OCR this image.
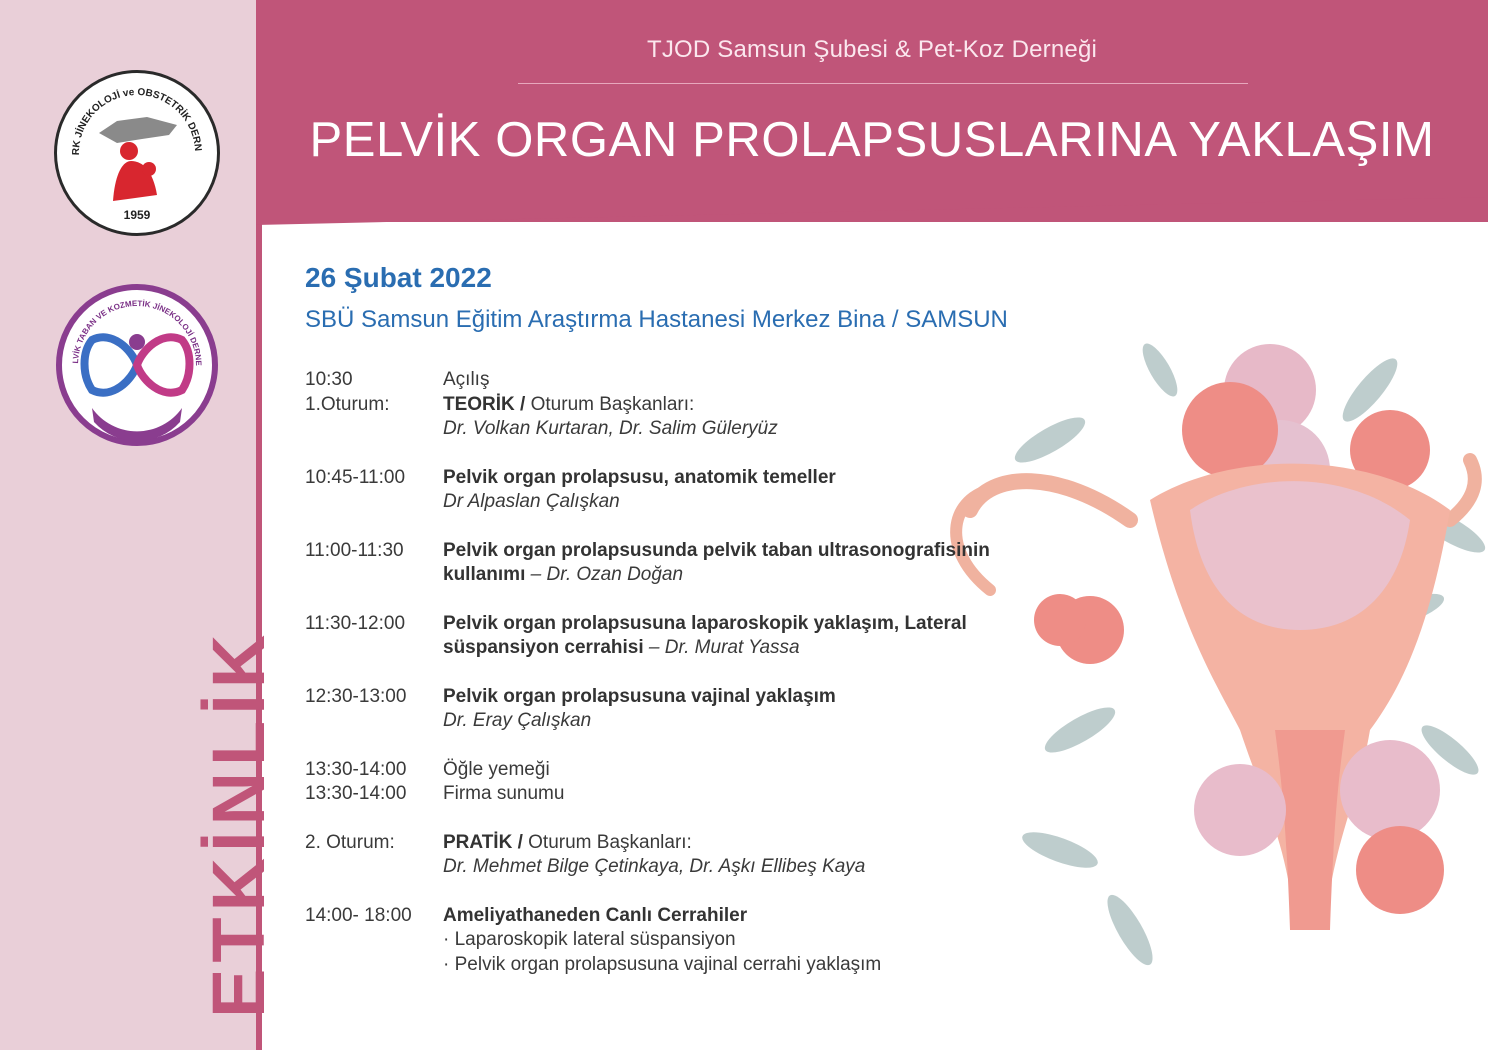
TJOD Samsun Şubesi & Pet-Koz Derneği
PELVİK ORGAN PROLAPSUSLARINA YAKLAŞIM
RK JİNEKOLOJİ ve OBSTETRİK DERN
1959
LVİK TABAN VE KOZMETİK JİNEKOLOJİ DERNE
2021
ETKİNLİK
26 Şubat 2022
SBÜ Samsun Eğitim Araştırma Hastanesi Merkez Bina / SAMSUN
10:30	Açılış
1.Oturum:	TEORİK / Oturum Başkanları:
Dr. Volkan Kurtaran, Dr. Salim Güleryüz
10:45-11:00	Pelvik organ prolapsusu, anatomik temeller
Dr Alpaslan Çalışkan
11:00-11:30	Pelvik organ prolapsusunda pelvik taban ultrasonografisinin
kullanımı – Dr. Ozan Doğan
11:30-12:00	Pelvik organ prolapsusuna laparoskopik yaklaşım, Lateral
süspansiyon cerrahisi – Dr. Murat Yassa
12:30-13:00	Pelvik organ prolapsusuna vajinal yaklaşım
Dr. Eray Çalışkan
13:30-14:00	Öğle yemeği
13:30-14:00	Firma sunumu
2. Oturum:	PRATİK / Oturum Başkanları:
Dr. Mehmet Bilge Çetinkaya, Dr. Aşkı Ellibeş Kaya
14:00- 18:00	Ameliyathaneden Canlı Cerrahiler
· Laparoskopik lateral süspansiyon
· Pelvik organ prolapsusuna vajinal cerrahi yaklaşım
